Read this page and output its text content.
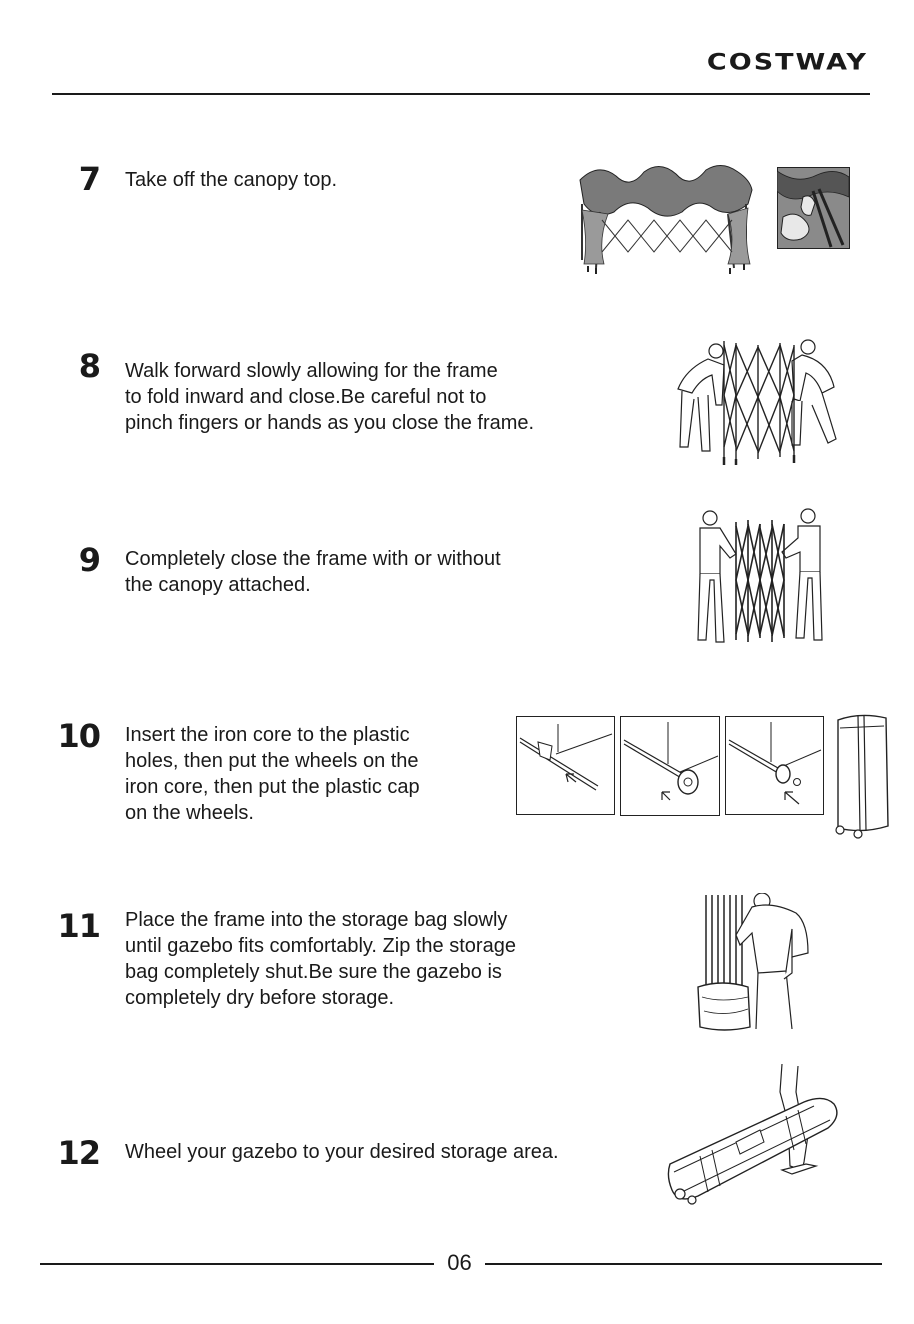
COSTWAY
7 Take off the canopy top.
8 Walk forward slowly allowing for the frame
to fold inward and close.Be careful not to
pinch fingers or hands as you close the frame.
9 Completely close the frame with or without
the canopy attached.
10 Insert the iron core to the plastic
holes, then put the wheels on the
iron core, then put the plastic cap
on the wheels.
11 Place the frame into the storage bag slowly
until gazebo fits comfortably. Zip the storage
bag completely shut.Be sure the gazebo is
completely dry before storage.
12 Wheel your gazebo to your desired storage area.
06
